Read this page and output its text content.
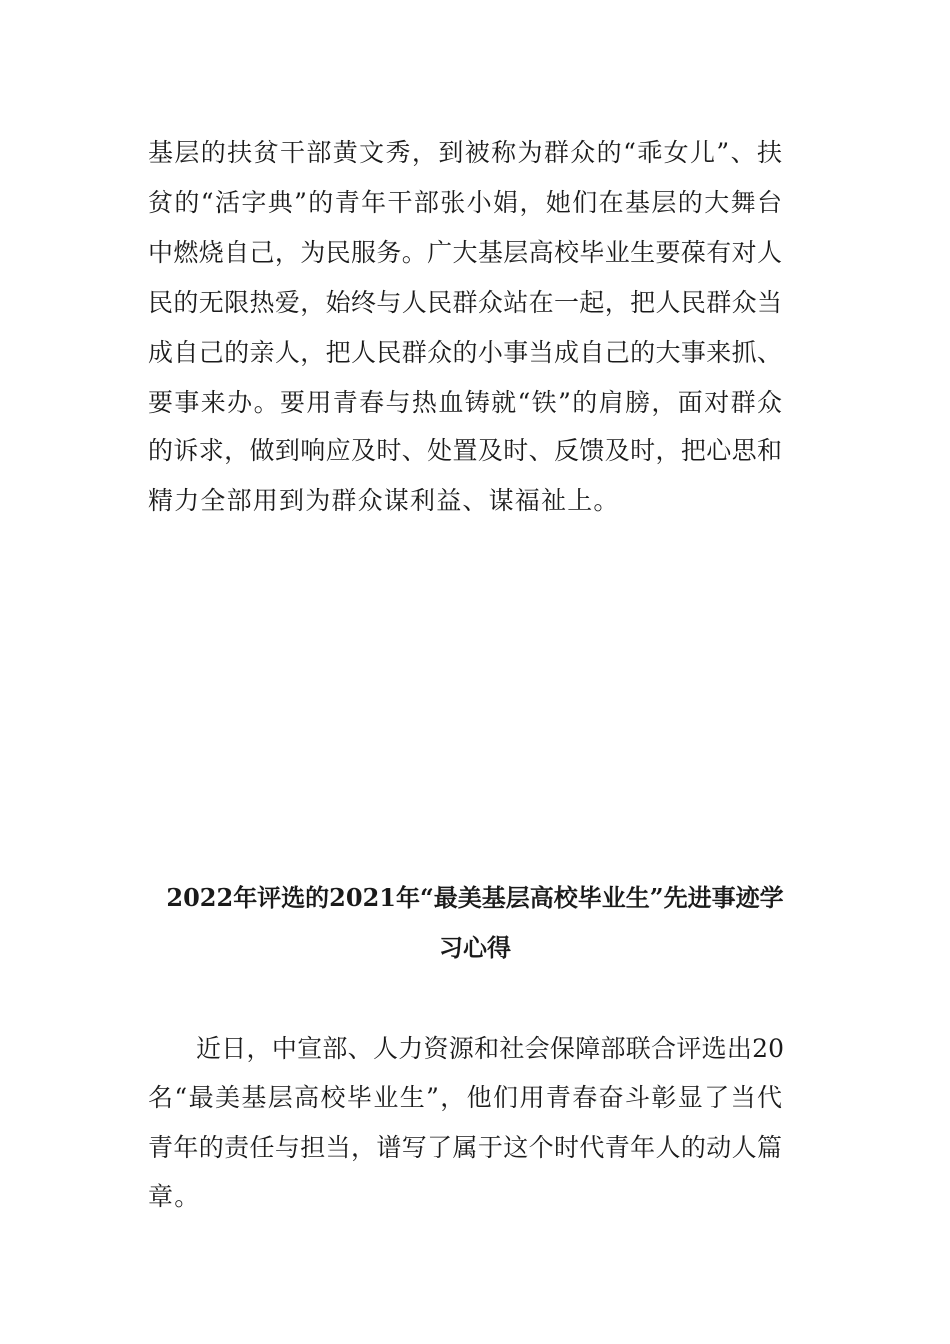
基层的扶贫干部黄文秀，到被称为群众的“乖女儿”、扶
贫的“活字典”的青年干部张小娟，她们在基层的大舞台
中燃烧自己，为民服务。广大基层高校毕业生要葆有对人
民的无限热爱，始终与人民群众站在一起，把人民群众当
成自己的亲人，把人民群众的小事当成自己的大事来抓、
要事来办。要用青春与热血铸就“铁”的肩膀，面对群众
的诉求，做到响应及时、处置及时、反馈及时，把心思和
精力全部用到为群众谋利益、谋福祉上。
2022年评选的2021年“最美基层高校毕业生”先进事迹学
习心得
近日，中宣部、人力资源和社会保障部联合评选出20
名“最美基层高校毕业生”，他们用青春奋斗彰显了当代
青年的责任与担当，谱写了属于这个时代青年人的动人篇
章。
